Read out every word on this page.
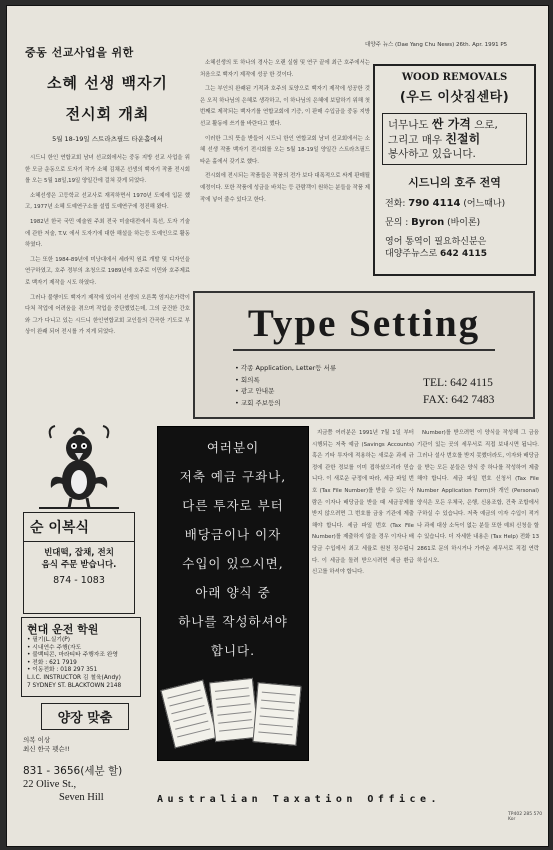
대양주 뉴스 (Dae Yang Chu News) 26th. Apr. 1991 P5
중동 선교사업을 위한
소혜 선생 백자기
전시회 개최
5월 18-19일 스트라츠필드 타운홀에서

시드니 한인 연합교회 남녀 선교회에서는 중동 지방 선교 사업을 위한 모금 운동으로 도자기 작가 소혜 김채곤 선생의 백자기 작품 전시회를 오는 5월 18일,19일 양일간에 걸쳐 갖게 되었다.

소혜선생은 고등학교 선교사로 재직하면서 1970년 도예에 입문 했고, 1977년 소혜 도예연구소를 설립 도예연구에 정진해 왔다.

1982년 한국 국민 예술원 주최 전국 미술대전에서 특선, 도자 기술에 관한 저술, T.V. 에서 도자기에 대한 해설을 하는등 도예인으로 활동 하였다.

그는 또한 1984-89년에 미낭대에서 세라믹 원료 개발 및 디자인을 연구하였고, 호주 정부의 초청으로 1989년에 호주로 이민와 호주제료로 백자기 제작을 시도 하였다.

그러나 불행이도 백자기 제작에 있어서 선생의 오른쪽 엄지손가락이 다쳐 작업에 어려움을 겪으며 작업을 중단했었는데, 그의 굳건한 간호와 그가 다니고 있는 시드니 한인연합교회 교인들의 간곡한 기도로 부상이 완쾌 되어 전시를 가 지게 되었다.

소혜선생의 또 하나의 경사는 오랜 실험 및 연구 끝에 최근 호주에서는 처음으로 백자기 제작에 성공 한 것이다.

그는 부인의 완쾌된 기적과 호주의 토양으로 백자기 제작에 성공한 것은 오직 하나님의 은혜로 생각하고, 이 하나님의 은혜에 보답하기 위해 첫번째로 제작되는 백자기를 연합교회에 기증, 이 판매 수입금을 중동 지방 선교 활동에 쓰기를 바란다고 했다.

이러한 그의 뜻을 받들어 시드니 한인 연합교회 남녀 선교회에서는 소혜 선생 작품 백자기 전시회를 오는 5월 18-19일 양일간 스트라츠필드 타운 홀에서 갖기로 했다.

전시회에 전시되는 작품들은 작품의 전가 보다 대폭적으로 싸게 판매될 예정이다. 또한 작품에 성금을 바치는 등 관람객이 원하는 분들을 작품 제작에 넣어 줄수 있다고 한다.

WOOD REMOVALS
(우드 이삿짐센타)
너무나도 싼 가격 으로,
그리고 매우 친절히
봉사하고 있읍니다.
시드니의 호주 전역
전화: 790 4114 (어느때나)
문의 : Byron (바이론)
영어 통역이 필요하신분은
대양주뉴스로 642 4115
Type Setting
• 각종 Application, Letter등 서류
• 회의록
• 광고 안내문
• 교회 주보등의
TEL: 642 4115
FAX: 642 7483
순 이복식
빈대떡, 잡채, 전치
음식 주문 받습니다.
874 - 1083
현대 운전 학원
• 필기(L.실기(P)
• 시내연수 주행(자도
• 불백티콘, 마라티타 주행자조 완영
• 전화 : 621 7919
• 이동전화 : 018 297 351
L.I.C. INSTRUCTOR 김 철육(Andy)
7 SYDNEY ST. BLACKTOWN 2148
양장 맞춤
의복 이상
최신 한국 펫슨!!
831 - 3656(세분 할)
22 Olive St.,
Seven Hill
여러분이
저축 예금 구좌나,
다른 투자로 부터
배당금이나 이자
수입이 있으시면,
아래 양식 중
하나를 작성하셔야
합니다.

지금쯤 여러분은 1991년 7월 1일 부터 시행되는 저축 예금 (Savings Accounts) 혹은 기타 투자에 적용하는 새로운 과세 규정에 관한 정보를 이미 접하셨으리라 믿습니다. 이 새로운 규정에 따라, 세금 파일 번호 (Tax File Number)를 받을 수 있는 사람은 이자나 배당금을 받을 때 세금공제를 받지 않으려면 그 번호를 금융 기관에 제출해야 합니다. 세금 파일 번호 (Tax File Number)를 제출하지 않을 경우 이자나 배당금 수입에서 최고 세율로 원천 징수됩니다. 이 세금을 돌려 받으시려면 세금 환급 신고를 하셔야 합니다.

Number)를 받으려면 이 양식을 작성해 그 금융 기관이 있는 곳의 세무서로 직접 보내시면 됩니다. 그러나 설사 번호를 받지 못했더라도, 이자와 배당금을 받는 모든 분들은 양식 중 하나를 작성하여 제출해야 합니다. 세금 파일 번호 신청서 (Tax File Number Application Form)와 개인 (Personal) 양식은 모든 우체국, 은행, 신용조합, 건축 조합에서 구하실 수 있습니다. 저축 예금의 이자 수입이 적거나 과세 대상 소득이 없는 분들 또한 예외 신청을 할 수 있습니다. 더 자세한 내용은 (Tax Help) 전화 13 2861로 문의 하시거나 가까운 세무서로 직접 연락 하십시오.

Australian Taxation Office.
TP402 285 570 Kor
